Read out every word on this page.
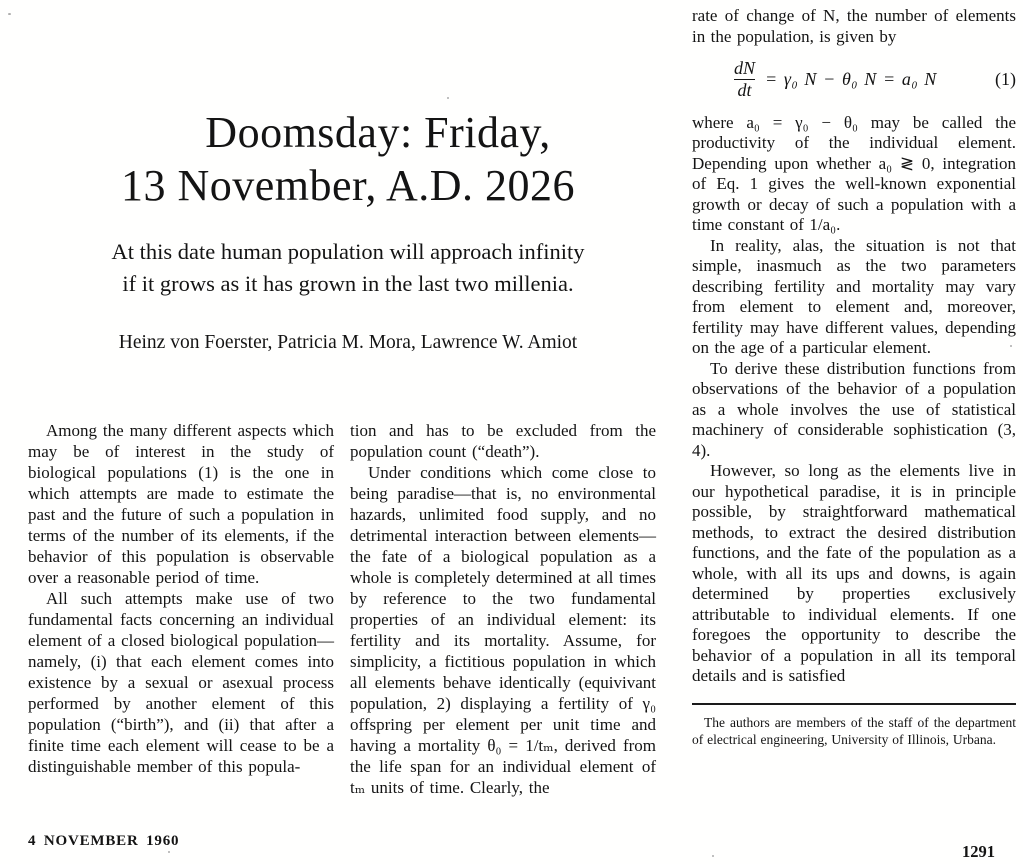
Doomsday: Friday,
13 November, A.D. 2026
At this date human population will approach infinity
if it grows as it has grown in the last two millenia.
Heinz von Foerster, Patricia M. Mora, Lawrence W. Amiot

Among the many different aspects which may be of interest in the study of biological populations (1) is the one in which attempts are made to estimate the past and the future of such a population in terms of the number of its elements, if the behavior of this population is observable over a reasonable period of time.

All such attempts make use of two fundamental facts concerning an individual element of a closed biological population—namely, (i) that each element comes into existence by a sexual or asexual process performed by another element of this population (“birth”), and (ii) that after a finite time each element will cease to be a distinguishable member of this popula-

tion and has to be excluded from the population count (“death”).

Under conditions which come close to being paradise—that is, no environmental hazards, unlimited food supply, and no detrimental interaction between elements—the fate of a biological population as a whole is completely determined at all times by reference to the two fundamental properties of an individual element: its fertility and its mortality. Assume, for simplicity, a fictitious population in which all elements behave identically (equivivant population, 2) displaying a fertility of γ₀ offspring per element per unit time and having a mortality θ₀ = 1/tₘ, derived from the life span for an individual element of tₘ units of time. Clearly, the

rate of change of N, the number of elements in the population, is given by

$\frac{dN}{dt} = \gamma_0$ N − θ₀ N = a₀ N	(1)

where a₀ = γ₀ − θ₀ may be called the productivity of the individual element. Depending upon whether a₀ ≷ 0, integration of Eq. 1 gives the well-known exponential growth or decay of such a population with a time constant of 1/a₀.

In reality, alas, the situation is not that simple, inasmuch as the two parameters describing fertility and mortality may vary from element to element and, moreover, fertility may have different values, depending on the age of a particular element.

To derive these distribution functions from observations of the behavior of a population as a whole involves the use of statistical machinery of considerable sophistication (3, 4).

However, so long as the elements live in our hypothetical paradise, it is in principle possible, by straightforward mathematical methods, to extract the desired distribution functions, and the fate of the population as a whole, with all its ups and downs, is again determined by properties exclusively attributable to individual elements. If one foregoes the opportunity to describe the behavior of a population in all its temporal details and is satisfied

The authors are members of the staff of the department of electrical engineering, University of Illinois, Urbana.
4 NOVEMBER 1960
1291
